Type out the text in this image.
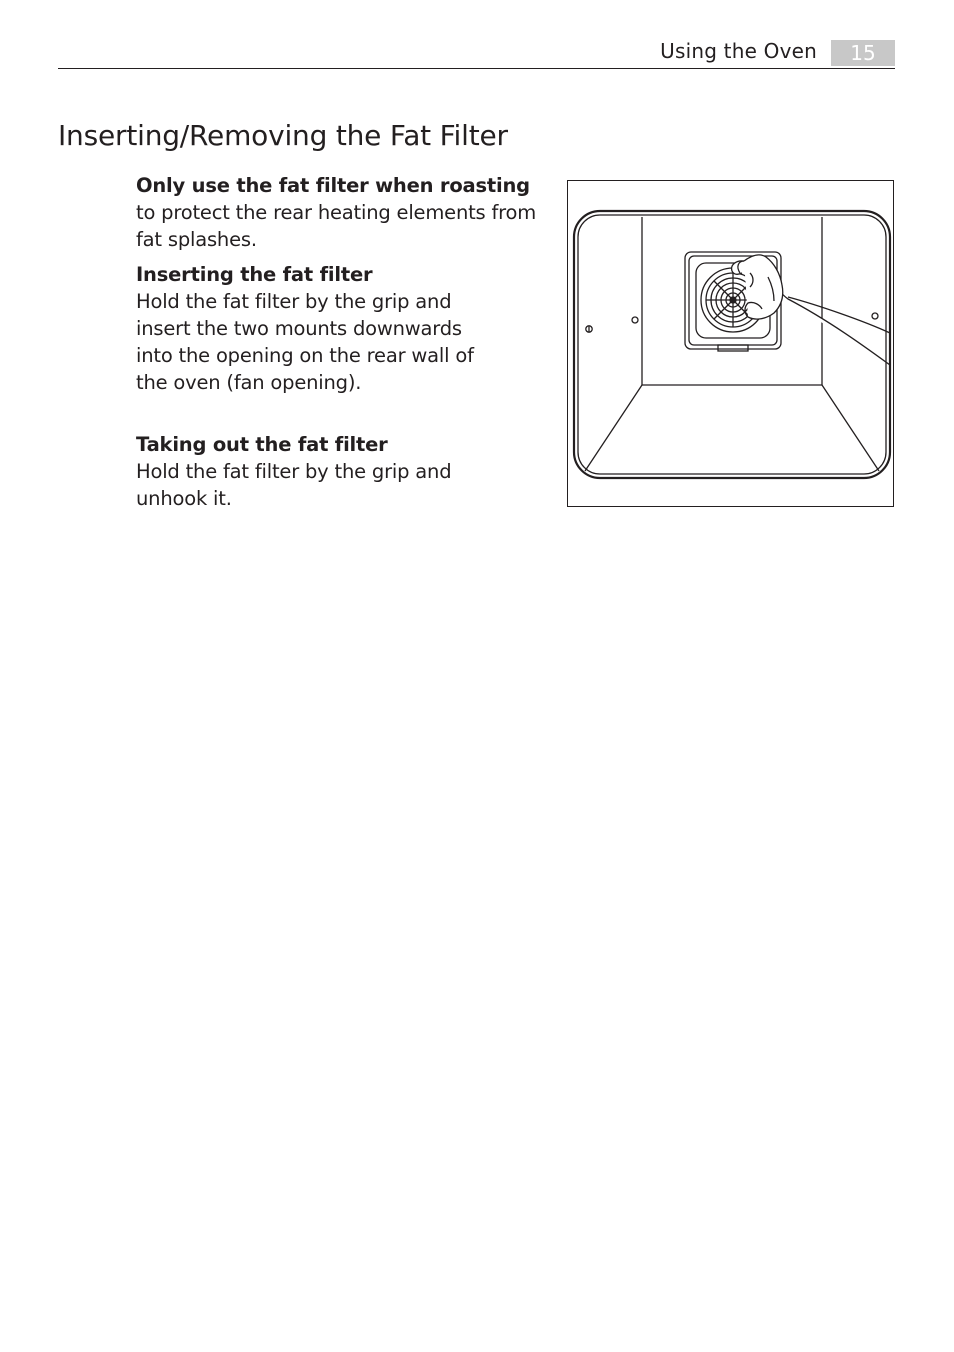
Using the Oven	15
Inserting/Removing the Fat Filter

Only use the fat filter when roasting to protect the rear heating elements from fat splashes.

Inserting the fat filter

Hold the fat filter by the grip and
insert the two mounts downwards
into the opening on the rear wall of
the oven (fan opening).

Taking out the fat filter

Hold the fat filter by the grip and
unhook it.
